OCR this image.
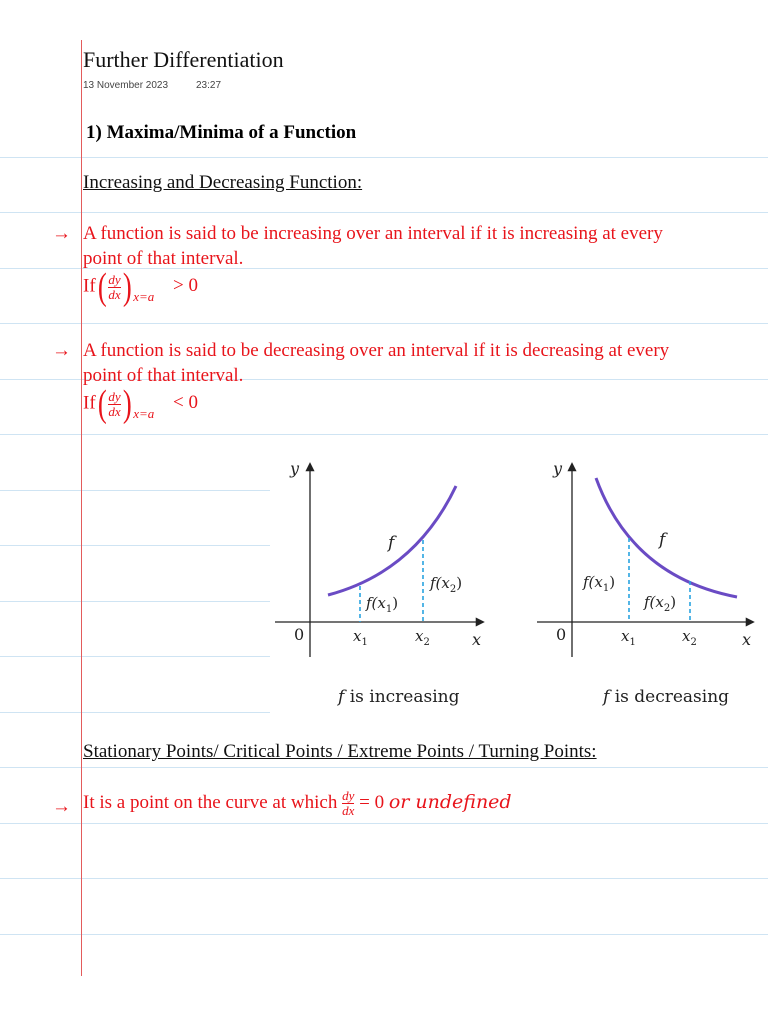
Further Differentiation
13 November 2023	23:27
1) Maxima/Minima of a Function
Increasing and Decreasing Function:
→ A function is said to be increasing over an interval if it is increasing at every
point of that interval.
$If( \frac{dy}{dx}$ ) $_{x=a}$ > 0
→ A function is said to be decreasing over an interval if it is decreasing at every
point of that interval.
$If( \frac{dy}{dx}$ ) $_{x=a}$ < 0
y
x
0
f
$x_1$	$x_2$
$f(x_1)$
$f(x_2)$
f is increasing
y
x
0
f
$x_1$	$x_2$
$f(x_1)$
$f(x_2)$
f is decreasing
Stationary Points/ Critical Points / Extreme Points / Turning Points:
→ It is a point on the curve at which $\frac{dy}{dx} = 0$ or undefined
